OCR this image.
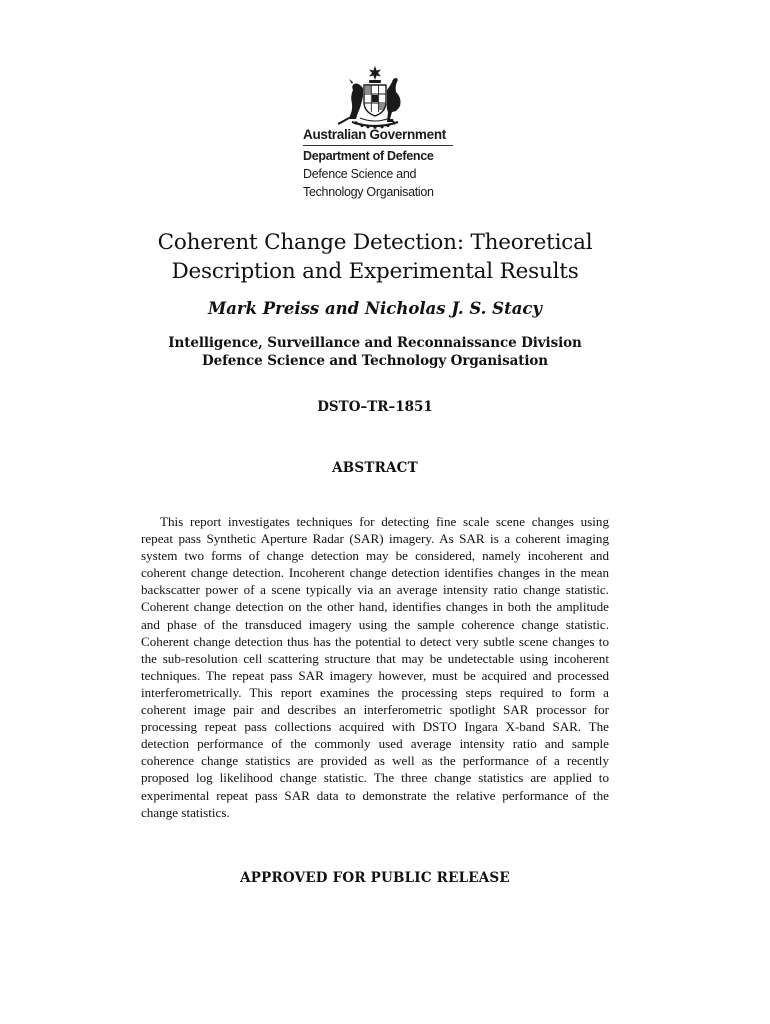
Australian Government
Department of Defence
Defence Science and
Technology Organisation
Coherent Change Detection: Theoretical
Description and Experimental Results
Mark Preiss and Nicholas J. S. Stacy
Intelligence, Surveillance and Reconnaissance Division
Defence Science and Technology Organisation
DSTO–TR–1851
ABSTRACT

This report investigates techniques for detecting fine scale scene changes using repeat pass Synthetic Aperture Radar (SAR) imagery. As SAR is a coherent imaging system two forms of change detection may be considered, namely incoherent and coherent change detection. Incoherent change detection identifies changes in the mean backscatter power of a scene typically via an average intensity ratio change statistic. Coherent change detection on the other hand, identifies changes in both the amplitude and phase of the transduced imagery using the sample coherence change statistic. Coherent change detection thus has the potential to detect very subtle scene changes to the sub-resolution cell scattering structure that may be undetectable using incoherent techniques. The repeat pass SAR imagery however, must be acquired and processed interferometrically. This report examines the processing steps required to form a coherent image pair and describes an interferometric spotlight SAR processor for processing repeat pass collections acquired with DSTO Ingara X-band SAR. The detection performance of the commonly used average intensity ratio and sample coherence change statistics are provided as well as the performance of a recently proposed log likelihood change statistic. The three change statistics are applied to experimental repeat pass SAR data to demonstrate the relative performance of the change statistics.

APPROVED FOR PUBLIC RELEASE
